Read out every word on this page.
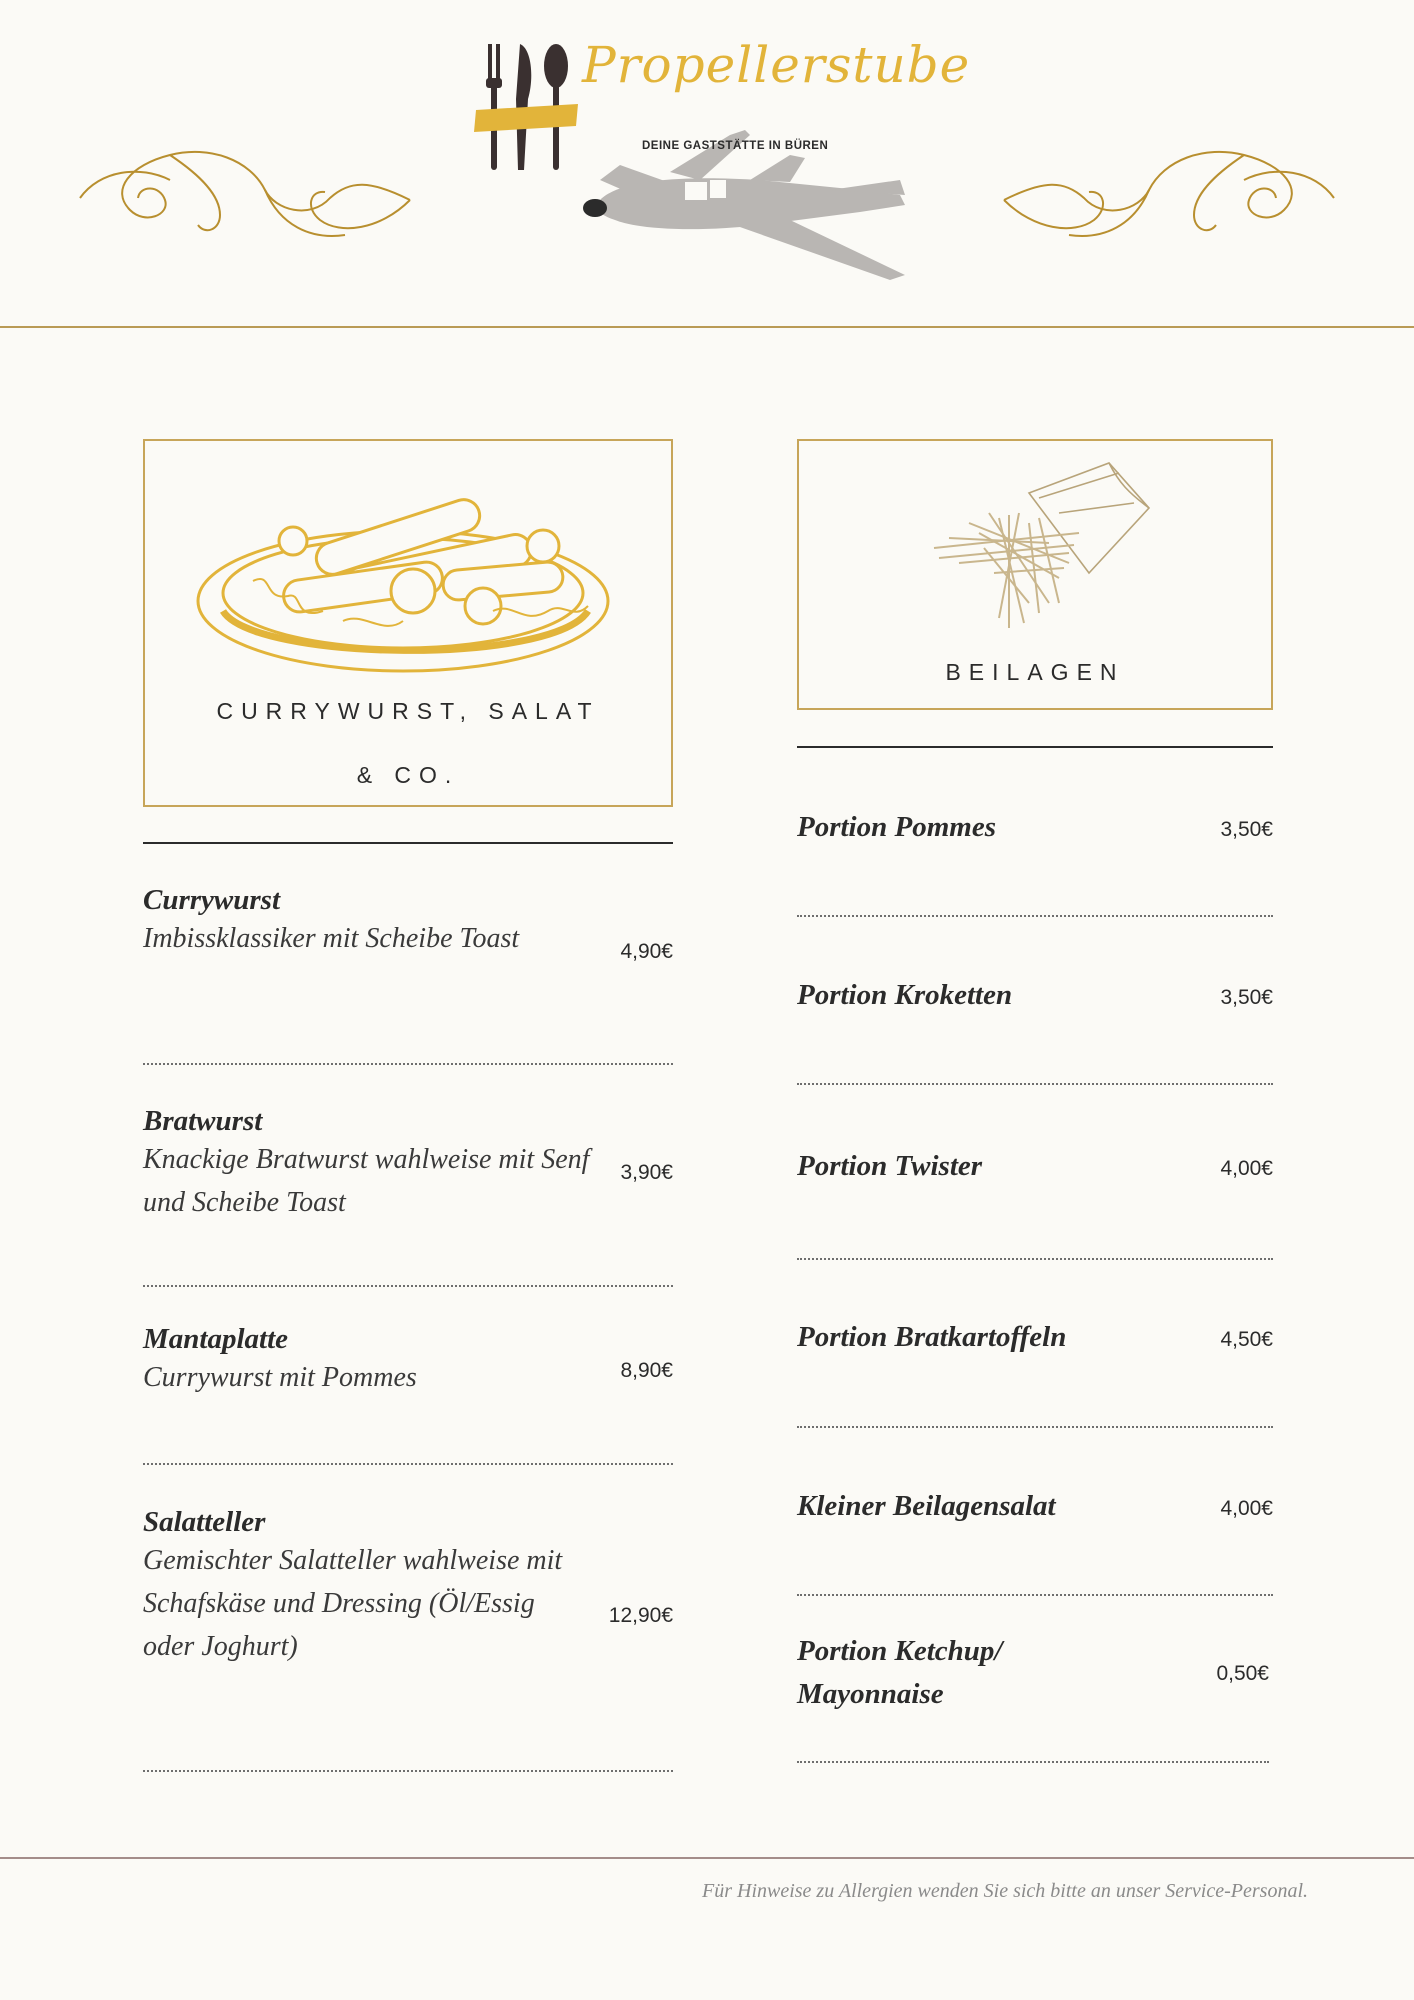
Propellerstube
DEINE GASTSTÄTTE IN BÜREN
CURRYWURST, SALAT
& CO.
Currywurst
Imbissklassiker mit Scheibe Toast	4,90€
Bratwurst
Knackige Bratwurst wahlweise mit Senf und Scheibe Toast
3,90€
Mantaplatte
Currywurst mit Pommes	8,90€
Salatteller
Gemischter Salatteller wahlweise mit Schafskäse und Dressing (Öl/Essig oder Joghurt)
12,90€
BEILAGEN
Portion Pommes	3,50€
Portion Kroketten	3,50€
Portion Twister	4,00€
Portion Bratkartoffeln	4,50€
Kleiner Beilagensalat	4,00€
Portion Ketchup/ Mayonnaise
0,50€
Für Hinweise zu Allergien wenden Sie sich bitte an unser Service-Personal.
